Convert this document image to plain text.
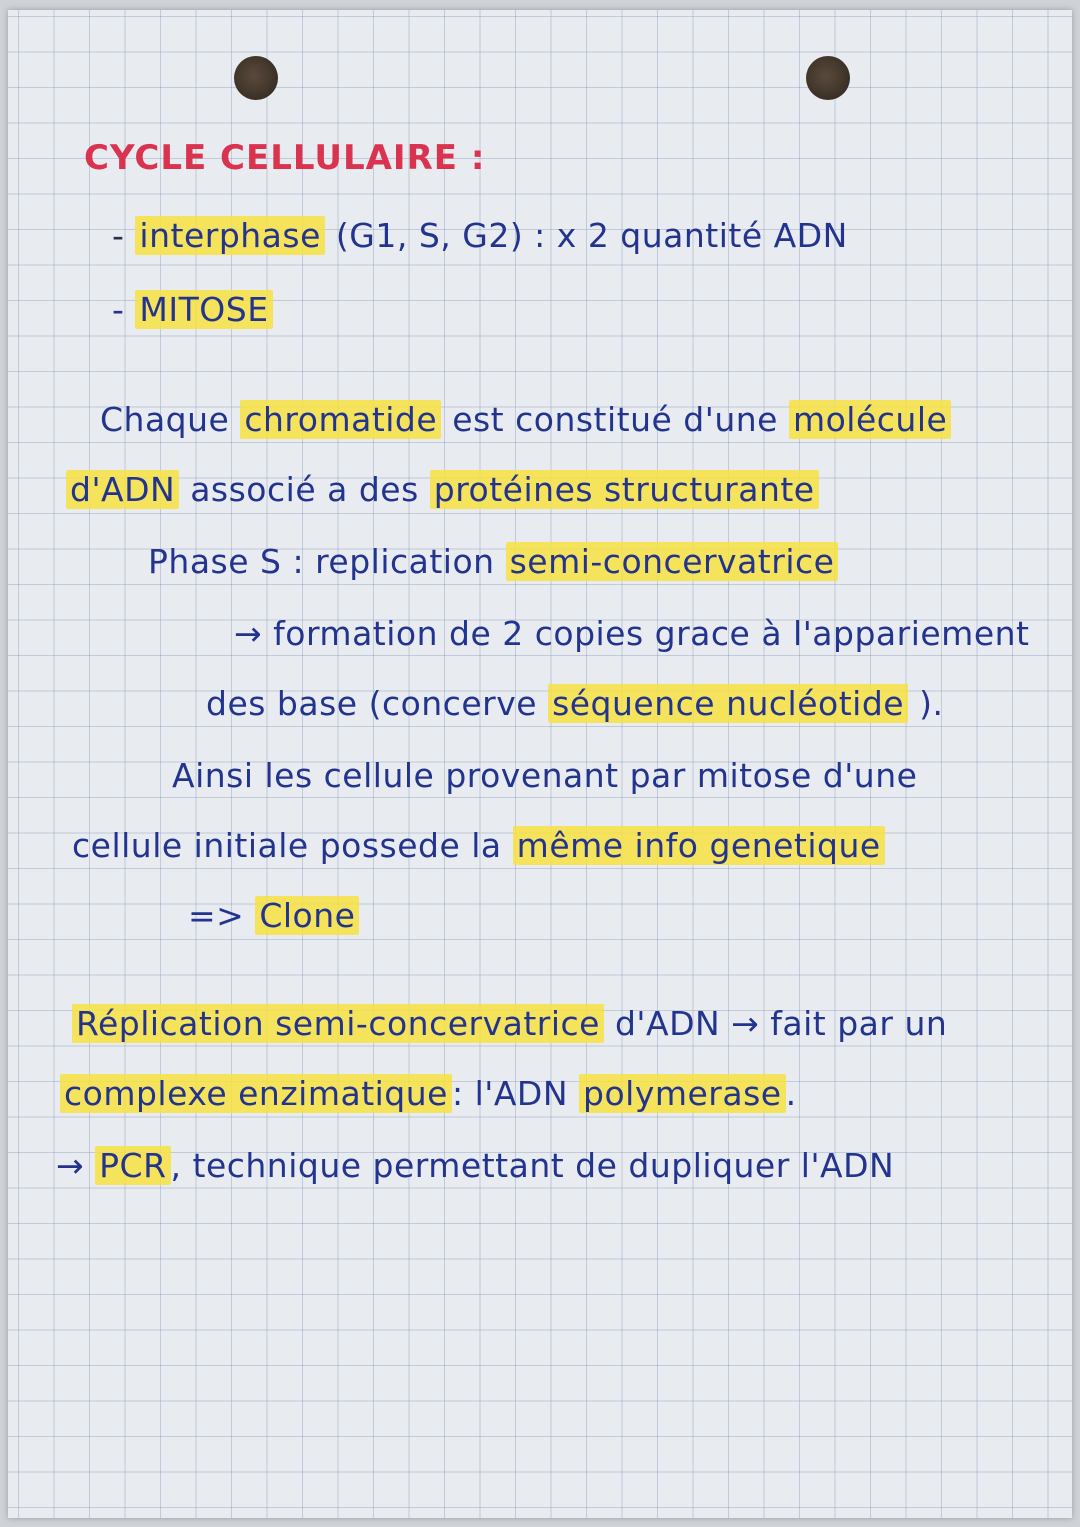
CYCLE CELLULAIRE :
- interphase (G1, S, G2) : x 2 quantité ADN
- MITOSE
Chaque chromatide est constitué d'une molécule
d'ADN associé a des protéines structurante
Phase S : replication semi-concervatrice
→ formation de 2 copies grace à l'appariement
des base (concerve séquence nucléotide ).
Ainsi les cellule provenant par mitose d'une
cellule initiale possede la même info genetique
=> Clone
Réplication semi-concervatrice d'ADN → fait par un
complexe enzimatique : l'ADN polymerase .
→ PCR , technique permettant de dupliquer l'ADN
